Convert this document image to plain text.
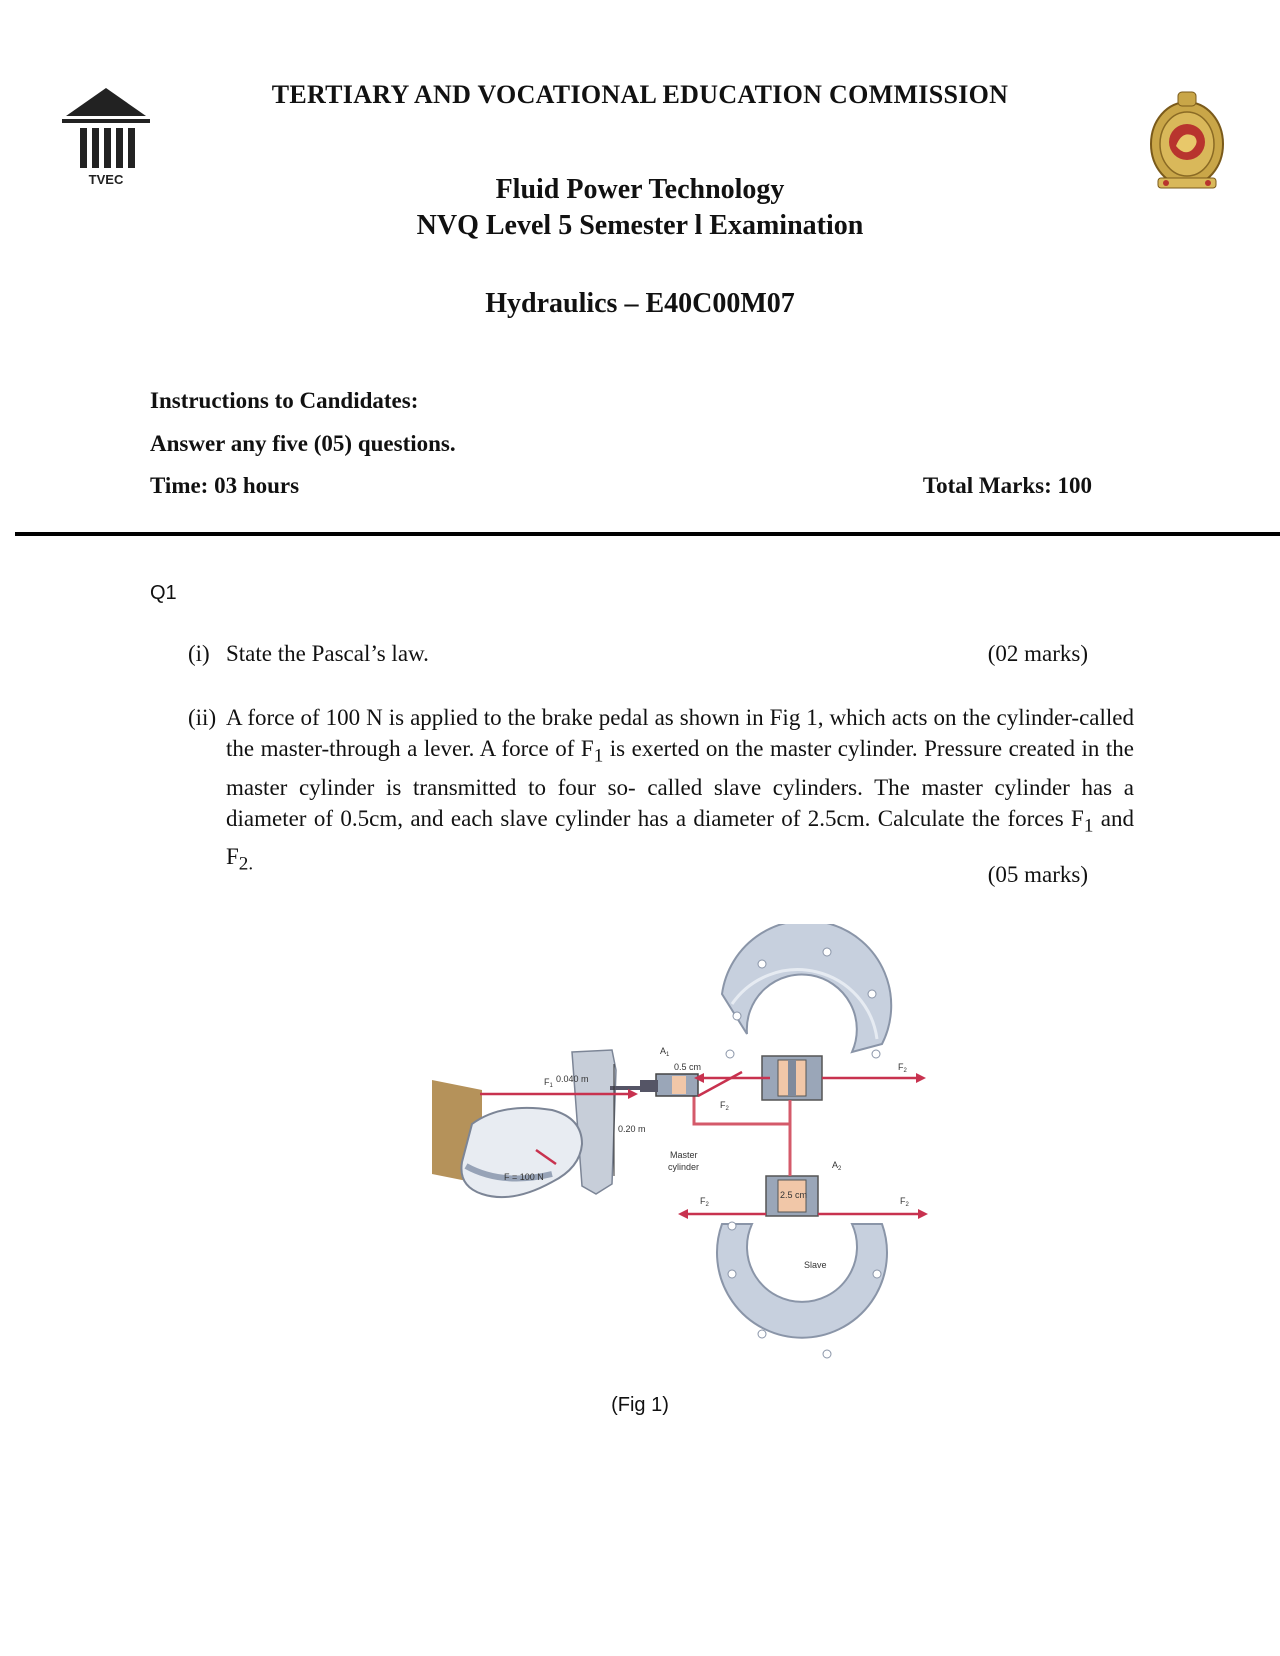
TERTIARY AND VOCATIONAL EDUCATION COMMISSION
TVEC	Fluid Power Technology
NVQ Level 5 Semester l Examination
Hydraulics – E40C00M07
Instructions to Candidates:
Answer any five (05) questions.
Time: 03 hours	Total Marks: 100
Q1
(i) State the Pascal’s law.	(02 marks)
(ii) A force of 100 N is applied to the brake pedal as shown in Fig 1, which acts on the cylinder-called the master-through a lever. A force of $F_1$ is exerted on the master cylinder. Pressure created in the master cylinder is transmitted to four so- called slave cylinders. The master cylinder has a diameter of 0.5cm, and each slave cylinder has a diameter of 2.5cm. Calculate the forces $F_1$ and $F_{2.}$	(05 marks)
$F_1$
0.040 m
0.20 m
F = 100 N
$A_1$
0.5 cm
Master
cylinder
$F_2$
$F_2$
$F_2$	$F_2$
$A_2$
2.5 cm
Slave
(Fig 1)
